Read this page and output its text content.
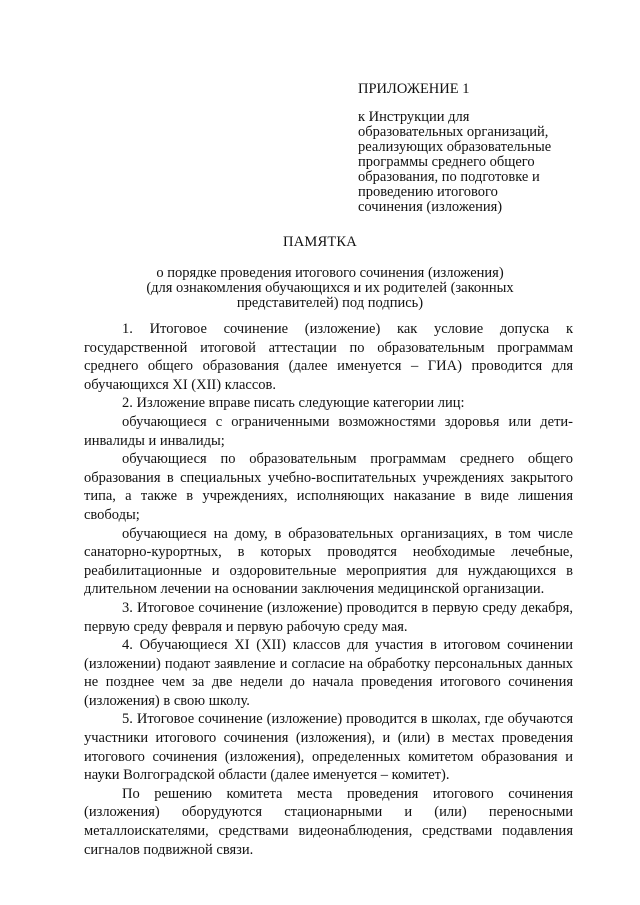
ПРИЛОЖЕНИЕ 1

к Инструкции для

образовательных организаций,

реализующих образовательные

программы среднего общего

образования, по подготовке и

проведению итогового

сочинения (изложения)

ПАМЯТКА

о порядке проведения итогового сочинения (изложения)

(для ознакомления обучающихся и их родителей (законных

представителей) под подпись)

1. Итоговое сочинение (изложение) как условие допуска к государственной итоговой аттестации по образовательным программам среднего общего образования (далее именуется – ГИА) проводится для обучающихся XI (XII) классов.

2. Изложение вправе писать следующие категории лиц:

обучающиеся с ограниченными возможностями здоровья или дети-инвалиды и инвалиды;

обучающиеся по образовательным программам среднего общего образования в специальных учебно-воспитательных учреждениях закрытого типа, а также в учреждениях, исполняющих наказание в виде лишения свободы;

обучающиеся на дому, в образовательных организациях, в том числе санаторно-курортных, в которых проводятся необходимые лечебные, реабилитационные и оздоровительные мероприятия для нуждающихся в длительном лечении на основании заключения медицинской организации.

3. Итоговое сочинение (изложение) проводится в первую среду декабря, первую среду февраля и первую рабочую среду мая.

4. Обучающиеся XI (XII) классов для участия в итоговом сочинении (изложении) подают заявление и согласие на обработку персональных данных не позднее чем за две недели до начала проведения итогового сочинения (изложения) в свою школу.

5. Итоговое сочинение (изложение) проводится в школах, где обучаются участники итогового сочинения (изложения), и (или) в местах проведения итогового сочинения (изложения), определенных комитетом образования и науки Волгоградской области (далее именуется – комитет).

По решению комитета места проведения итогового сочинения (изложения) оборудуются стационарными и (или) переносными металлоискателями, средствами видеонаблюдения, средствами подавления сигналов подвижной связи.
